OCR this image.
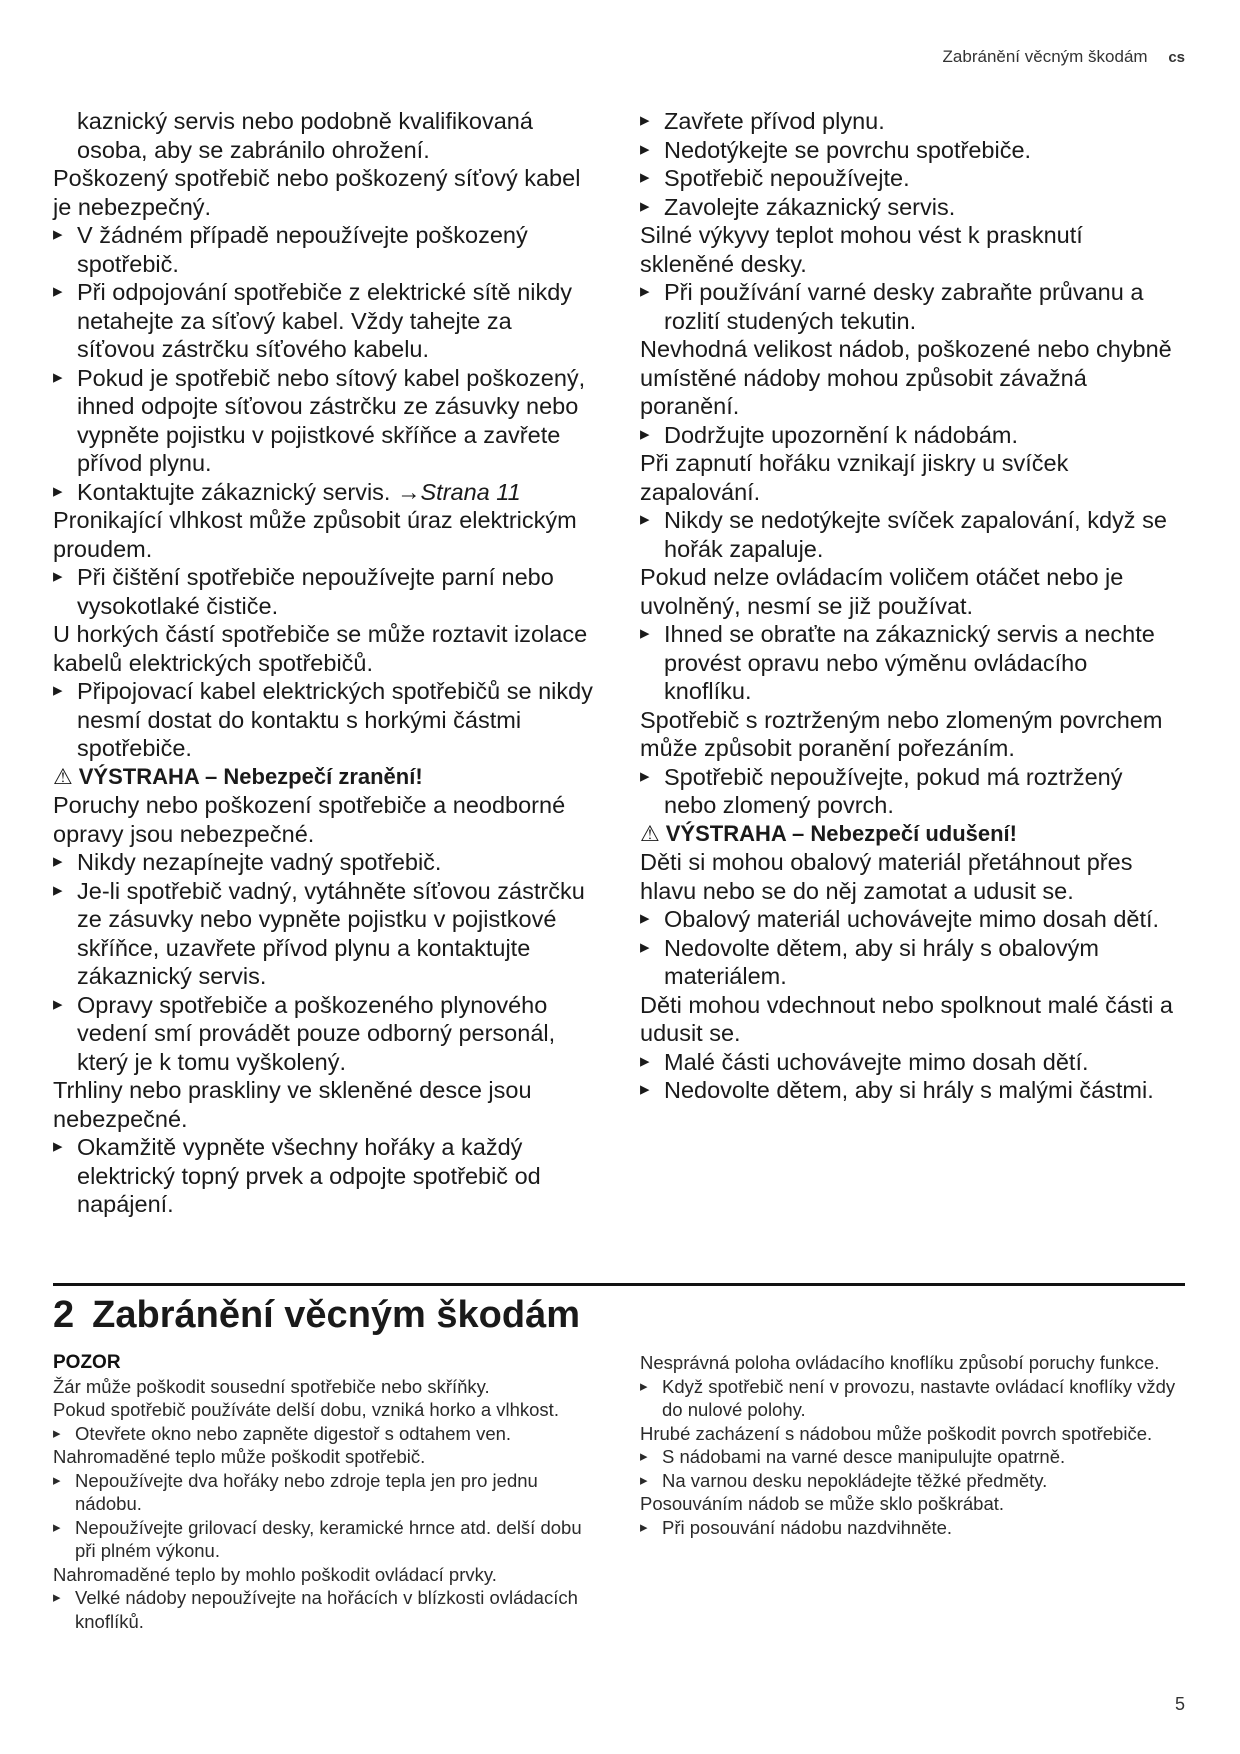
Zabránění věcným škodám cs

kaznický servis nebo podobně kvalifikovaná osoba, aby se zabránilo ohrožení.

Poškozený spotřebič nebo poškozený síťový kabel je nebezpečný.

▸ V žádném případě nepoužívejte poškozený spotřebič.

▸ Při odpojování spotřebiče z elektrické sítě nikdy netahejte za síťový kabel. Vždy tahejte za síťovou zástrčku síťového kabelu.

▸ Pokud je spotřebič nebo sítový kabel poškozený, ihned odpojte síťovou zástrčku ze zásuvky nebo vypněte pojistku v pojistkové skříňce a zavřete přívod plynu.

▸ Kontaktujte zákaznický servis. →Strana 11

Pronikající vlhkost může způsobit úraz elektrickým proudem.

▸ Při čištění spotřebiče nepoužívejte parní nebo vysokotlaké čističe.

U horkých částí spotřebiče se může roztavit izolace kabelů elektrických spotřebičů.

▸ Připojovací kabel elektrických spotřebičů se nikdy nesmí dostat do kontaktu s horkými částmi spotřebiče.

⚠ VÝSTRAHA – Nebezpečí zranění!

Poruchy nebo poškození spotřebiče a neodborné opravy jsou nebezpečné.

▸ Nikdy nezapínejte vadný spotřebič.

▸ Je-li spotřebič vadný, vytáhněte síťovou zástrčku ze zásuvky nebo vypněte pojistku v pojistkové skříňce, uzavřete přívod plynu a kontaktujte zákaznický servis.

▸ Opravy spotřebiče a poškozeného plynového vedení smí provádět pouze odborný personál, který je k tomu vyškolený.

Trhliny nebo praskliny ve skleněné desce jsou nebezpečné.

▸ Okamžitě vypněte všechny hořáky a každý elektrický topný prvek a odpojte spotřebič od napájení.

▸ Zavřete přívod plynu.

▸ Nedotýkejte se povrchu spotřebiče.

▸ Spotřebič nepoužívejte.

▸ Zavolejte zákaznický servis.

Silné výkyvy teplot mohou vést k prasknutí skleněné desky.

▸ Při používání varné desky zabraňte průvanu a rozlití studených tekutin.

Nevhodná velikost nádob, poškozené nebo chybně umístěné nádoby mohou způsobit závažná poranění.

▸ Dodržujte upozornění k nádobám.

Při zapnutí hořáku vznikají jiskry u svíček zapalování.

▸ Nikdy se nedotýkejte svíček zapalování, když se hořák zapaluje.

Pokud nelze ovládacím voličem otáčet nebo je uvolněný, nesmí se již používat.

▸ Ihned se obraťte na zákaznický servis a nechte provést opravu nebo výměnu ovládacího knoflíku.

Spotřebič s roztrženým nebo zlomeným povrchem může způsobit poranění pořezáním.

▸ Spotřebič nepoužívejte, pokud má roztržený nebo zlomený povrch.

⚠ VÝSTRAHA – Nebezpečí udušení!

Děti si mohou obalový materiál přetáhnout přes hlavu nebo se do něj zamotat a udusit se.

▸ Obalový materiál uchovávejte mimo dosah dětí.

▸ Nedovolte dětem, aby si hrály s obalovým materiálem.

Děti mohou vdechnout nebo spolknout malé části a udusit se.

▸ Malé části uchovávejte mimo dosah dětí.

▸ Nedovolte dětem, aby si hrály s malými částmi.

2 Zabránění věcným škodám

POZOR

Žár může poškodit sousední spotřebiče nebo skříňky.

Pokud spotřebič používáte delší dobu, vzniká horko a vlhkost.

▸ Otevřete okno nebo zapněte digestoř s odtahem ven.

Nahromaděné teplo může poškodit spotřebič.

▸ Nepoužívejte dva hořáky nebo zdroje tepla jen pro jednu nádobu.

▸ Nepoužívejte grilovací desky, keramické hrnce atd. delší dobu při plném výkonu.

Nahromaděné teplo by mohlo poškodit ovládací prvky.

▸ Velké nádoby nepoužívejte na hořácích v blízkosti ovládacích knoflíků.

Nesprávná poloha ovládacího knoflíku způsobí poruchy funkce.

▸ Když spotřebič není v provozu, nastavte ovládací knoflíky vždy do nulové polohy.

Hrubé zacházení s nádobou může poškodit povrch spotřebiče.

▸ S nádobami na varné desce manipulujte opatrně.

▸ Na varnou desku nepokládejte těžké předměty.

Posouváním nádob se může sklo poškrábat.

▸ Při posouvání nádobu nazdvihněte.

5
